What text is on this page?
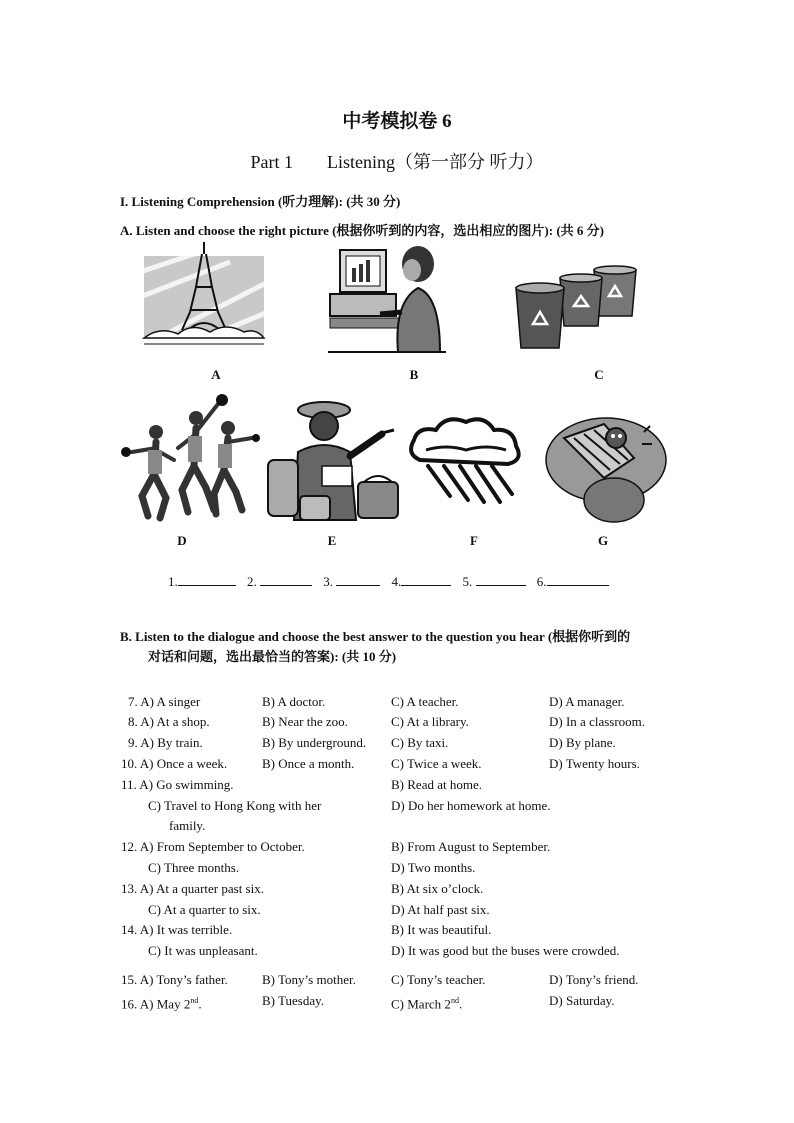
中考模拟卷 6
Part 1 Listening（第一部分 听力）
I. Listening Comprehension (听力理解): (共 30 分)
A. Listen and choose the right picture (根据你听到的内容，选出相应的图片): (共 6 分)
A	B	C
D	E	F	G
1.	2.	3.	4.	5.	6.
B. Listen to the dialogue and choose the best answer to the question you hear (根据你听到的
对话和问题，选出最恰当的答案): (共 10 分)
7. A) A singer	B) A doctor.	C) A teacher.	D) A manager.
8. A) At a shop.	B) Near the zoo.	C) At a library.	D) In a classroom.
9. A) By train.	B) By underground. C) By taxi.	D) By plane.
10. A) Once a week.	B) Once a month.	C) Twice a week.	D) Twenty hours.
11. A) Go swimming.	B) Read at home.
C) Travel to Hong Kong with her
family.
D) Do her homework at home.
12. A) From September to October.	B) From August to September.
C) Three months.	D) Two months.
13. A) At a quarter past six.	B) At six o’clock.
C) At a quarter to six.	D) At half past six.
14. A) It was terrible.	B) It was beautiful.
C) It was unpleasant.	D) It was good but the buses were crowded.
15. A) Tony’s father.	B) Tony’s mother.	C) Tony’s teacher.	D) Tony’s friend.
16. A) May 2nd.	B) Tuesday.	C) March 2nd.	D) Saturday.
